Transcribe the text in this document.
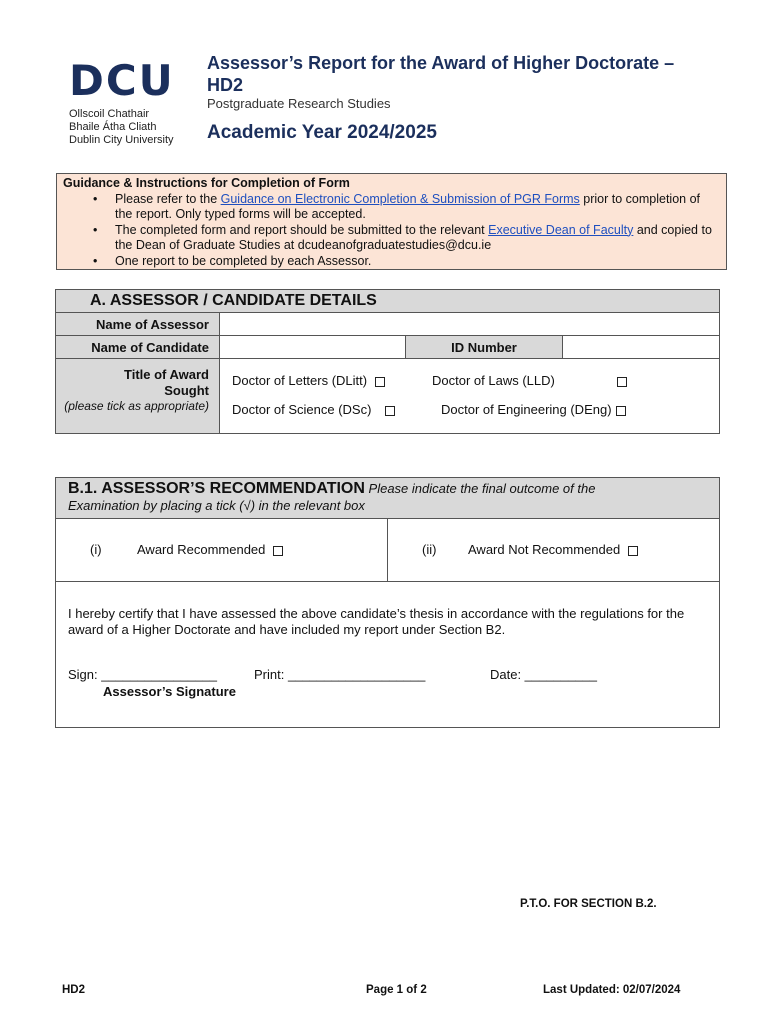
DCU
Ollscoil Chathair
Bhaile Átha Cliath
Dublin City University
Assessor’s Report for the Award of Higher Doctorate – HD2
Postgraduate Research Studies
Academic Year 2024/2025
Guidance & Instructions for Completion of Form
• Please refer to the Guidance on Electronic Completion & Submission of PGR Forms prior to completion of the report. Only typed forms will be accepted.
• The completed form and report should be submitted to the relevant Executive Dean of Faculty and copied to the Dean of Graduate Studies at dcudeanofgraduatestudies@dcu.ie
• One report to be completed by each Assessor.
A. ASSESSOR / CANDIDATE DETAILS
Name of Assessor
Name of Candidate	ID Number
Title of Award
Sought
(please tick as appropriate)
Doctor of Letters (DLitt)	Doctor of Laws (LLD)
Doctor of Science (DSc)	Doctor of Engineering (DEng)
B.1. ASSESSOR’S RECOMMENDATION Please indicate the final outcome of the
Examination by placing a tick (√) in the relevant box
(i)	Award Recommended	(ii) Award Not Recommended
I hereby certify that I have assessed the above candidate’s thesis in accordance with the regulations for the award of a Higher Doctorate and have included my report under Section B2.
Sign: ________________	Print: ___________________	Date: __________
Assessor’s Signature
P.T.O. FOR SECTION B.2.
HD2	Page 1 of 2	Last Updated: 02/07/2024
